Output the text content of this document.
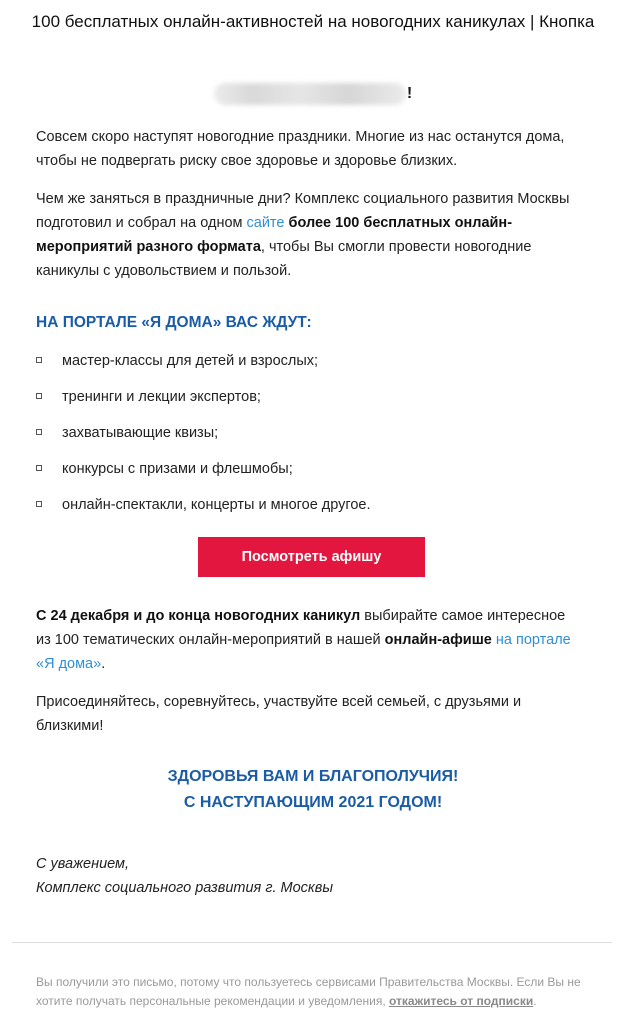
100 бесплатных онлайн-активностей на новогодних каникулах | Кнопка
!

Совсем скоро наступят новогодние праздники. Многие из нас останутся дома, чтобы не подвергать риску свое здоровье и здоровье близких.

Чем же заняться в праздничные дни? Комплекс социального развития Москвы подготовил и собрал на одном сайте более 100 бесплатных онлайн-мероприятий разного формата, чтобы Вы смогли провести новогодние каникулы с удовольствием и пользой.

НА ПОРТАЛЕ «Я ДОМА» ВАС ЖДУТ:
мастер-классы для детей и взрослых;
тренинги и лекции экспертов;
захватывающие квизы;
конкурсы с призами и флешмобы;
онлайн-спектакли, концерты и многое другое.
Посмотреть афишу

С 24 декабря и до конца новогодних каникул выбирайте самое интересное из 100 тематических онлайн-мероприятий в нашей онлайн-афише на портале «Я дома».

Присоединяйтесь, соревнуйтесь, участвуйте всей семьей, с друзьями и близкими!

ЗДОРОВЬЯ ВАМ И БЛАГОПОЛУЧИЯ!

С НАСТУПАЮЩИМ 2021 ГОДОМ!

С уважением,

Комплекс социального развития г. Москвы

Вы получили это письмо, потому что пользуетесь сервисами Правительства Москвы. Если Вы не хотите получать персональные рекомендации и уведомления, откажитесь от подписки.
